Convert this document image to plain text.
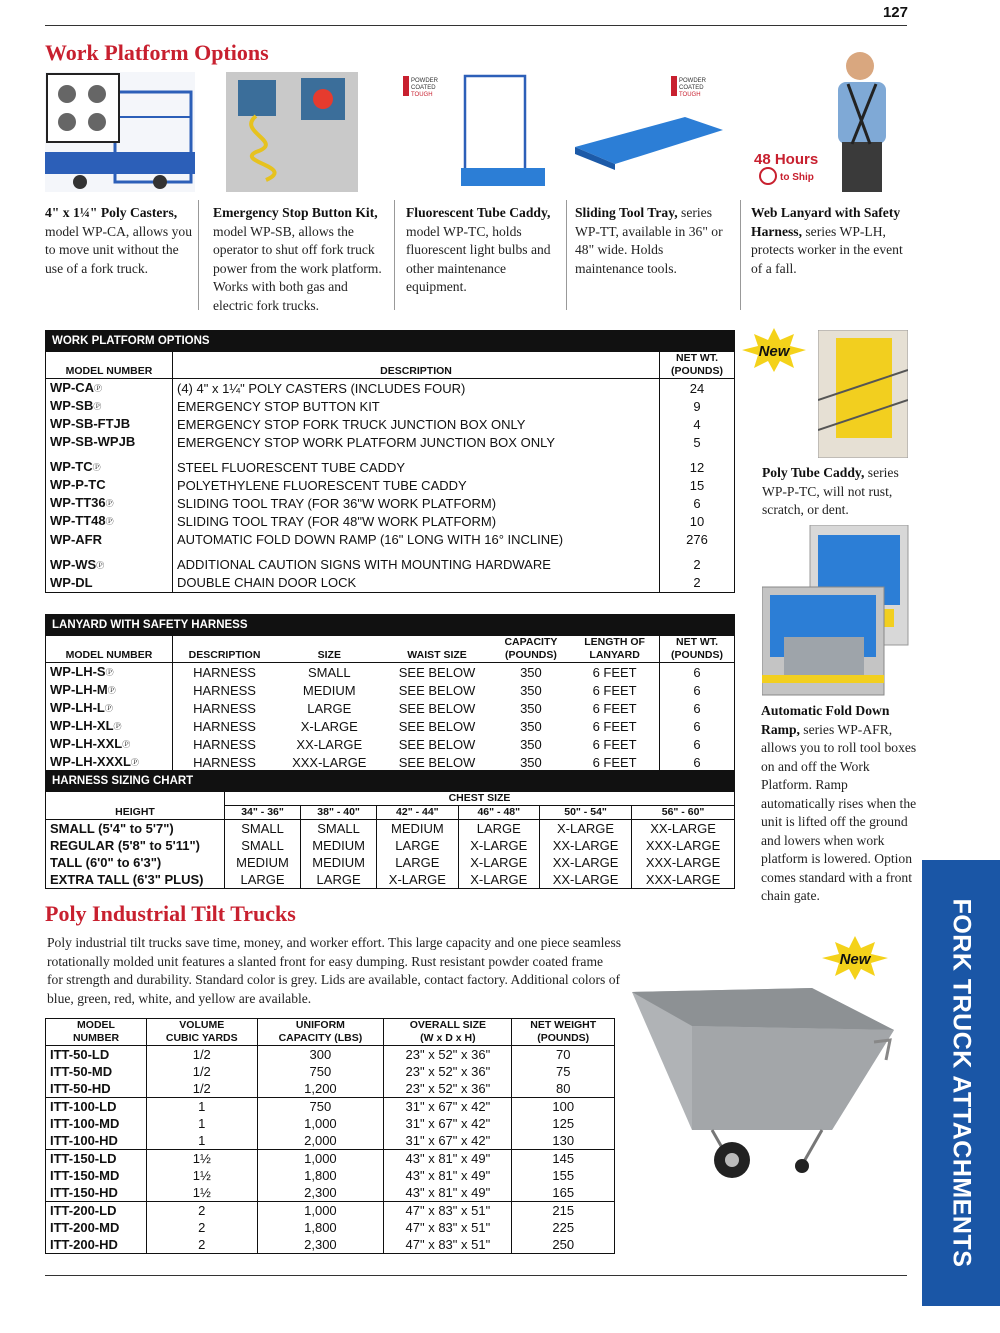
127
Work Platform Options
POWDER
COATED
TOUGH
POWDER
COATED
TOUGH
48 Hours
to Ship
4" x 1¼" Poly Casters, model WP-CA, allows you to move unit without the use of a fork truck.
Emergency Stop Button Kit, model WP-SB, allows the operator to shut off fork truck power from the work platform. Works with both gas and electric fork trucks.
Fluorescent Tube Caddy, model WP-TC, holds fluorescent light bulbs and other maintenance equipment.
Sliding Tool Tray, series WP-TT, available in 36" or 48" wide. Holds maintenance tools.
Web Lanyard with Safety Harness, series WP-LH, protects worker in the event of a fall.
WORK PLATFORM OPTIONS		
MODEL NUMBER	DESCRIPTION	NET WT.
(POUNDS)
WP-CAⓅ	(4) 4" x 1¼" POLY CASTERS (INCLUDES FOUR)	24
WP-SBⓅ	EMERGENCY STOP BUTTON KIT	9
WP-SB-FTJB	EMERGENCY STOP FORK TRUCK JUNCTION BOX ONLY	4
WP-SB-WPJB	EMERGENCY STOP WORK PLATFORM JUNCTION BOX ONLY	5
WP-TCⓅ	STEEL FLUORESCENT TUBE CADDY	12
WP-P-TC	POLYETHYLENE FLUORESCENT TUBE CADDY	15
WP-TT36Ⓟ	SLIDING TOOL TRAY (FOR 36"W WORK PLATFORM)	6
WP-TT48Ⓟ	SLIDING TOOL TRAY (FOR 48"W WORK PLATFORM)	10
WP-AFR	AUTOMATIC FOLD DOWN RAMP (16" LONG WITH 16° INCLINE)	276
WP-WSⓅ	ADDITIONAL CAUTION SIGNS WITH MOUNTING HARDWARE	2
WP-DL	DOUBLE CHAIN DOOR LOCK	2
LANYARD WITH SAFETY HARNESS						
MODEL NUMBER	DESCRIPTION	SIZE	WAIST SIZE	CAPACITY
(POUNDS)	LENGTH OF
LANYARD	NET WT.
(POUNDS)
WP-LH-SⓅ	HARNESS	SMALL	SEE BELOW	350	6 FEET	6
WP-LH-MⓅ	HARNESS	MEDIUM	SEE BELOW	350	6 FEET	6
WP-LH-LⓅ	HARNESS	LARGE	SEE BELOW	350	6 FEET	6
WP-LH-XLⓅ	HARNESS	X-LARGE	SEE BELOW	350	6 FEET	6
WP-LH-XXLⓅ	HARNESS	XX-LARGE	SEE BELOW	350	6 FEET	6
WP-LH-XXXLⓅ	HARNESS	XXX-LARGE	SEE BELOW	350	6 FEET	6
HARNESS SIZING CHART						
	CHEST SIZE					
HEIGHT	34" - 36"	38" - 40"	42" - 44"	46" - 48"	50" - 54"	56" - 60"
SMALL (5'4" to 5'7")	SMALL	SMALL	MEDIUM	LARGE	X-LARGE	XX-LARGE
REGULAR (5'8" to 5'11")	SMALL	MEDIUM	LARGE	X-LARGE	XX-LARGE	XXX-LARGE
TALL (6'0" to 6'3")	MEDIUM	MEDIUM	LARGE	X-LARGE	XX-LARGE	XXX-LARGE
EXTRA TALL (6'3" PLUS)	LARGE	LARGE	X-LARGE	X-LARGE	XX-LARGE	XXX-LARGE
New
Poly Tube Caddy, series WP-P-TC, will not rust, scratch, or dent.
Automatic Fold Down Ramp, series WP-AFR, allows you to roll tool boxes on and off the Work Platform. Ramp automatically rises when the unit is lifted off the ground and lowers when work platform is lowered. Option comes standard with a front chain gate.
FORK TRUCK ATTACHMENTS
Poly Industrial Tilt Trucks
Poly industrial tilt trucks save time, money, and worker effort. This large capacity and one piece seamless rotationally molded unit features a slanted front for easy dumping. Rust resistant powder coated frame for strength and durability. Standard color is grey. Lids are available, contact factory. Additional colors of blue, green, red, white, and yellow are available.
MODEL
NUMBER	VOLUME
CUBIC YARDS	UNIFORM
CAPACITY (LBS)	OVERALL SIZE
(W x D x H)	NET WEIGHT
(POUNDS)
ITT-50-LD	1/2	300	23" x 52" x 36"	70
ITT-50-MD	1/2	750	23" x 52" x 36"	75
ITT-50-HD	1/2	1,200	23" x 52" x 36"	80
ITT-100-LD	1	750	31" x 67" x 42"	100
ITT-100-MD	1	1,000	31" x 67" x 42"	125
ITT-100-HD	1	2,000	31" x 67" x 42"	130
ITT-150-LD	1½	1,000	43" x 81" x 49"	145
ITT-150-MD	1½	1,800	43" x 81" x 49"	155
ITT-150-HD	1½	2,300	43" x 81" x 49"	165
ITT-200-LD	2	1,000	47" x 83" x 51"	215
ITT-200-MD	2	1,800	47" x 83" x 51"	225
ITT-200-HD	2	2,300	47" x 83" x 51"	250
New
